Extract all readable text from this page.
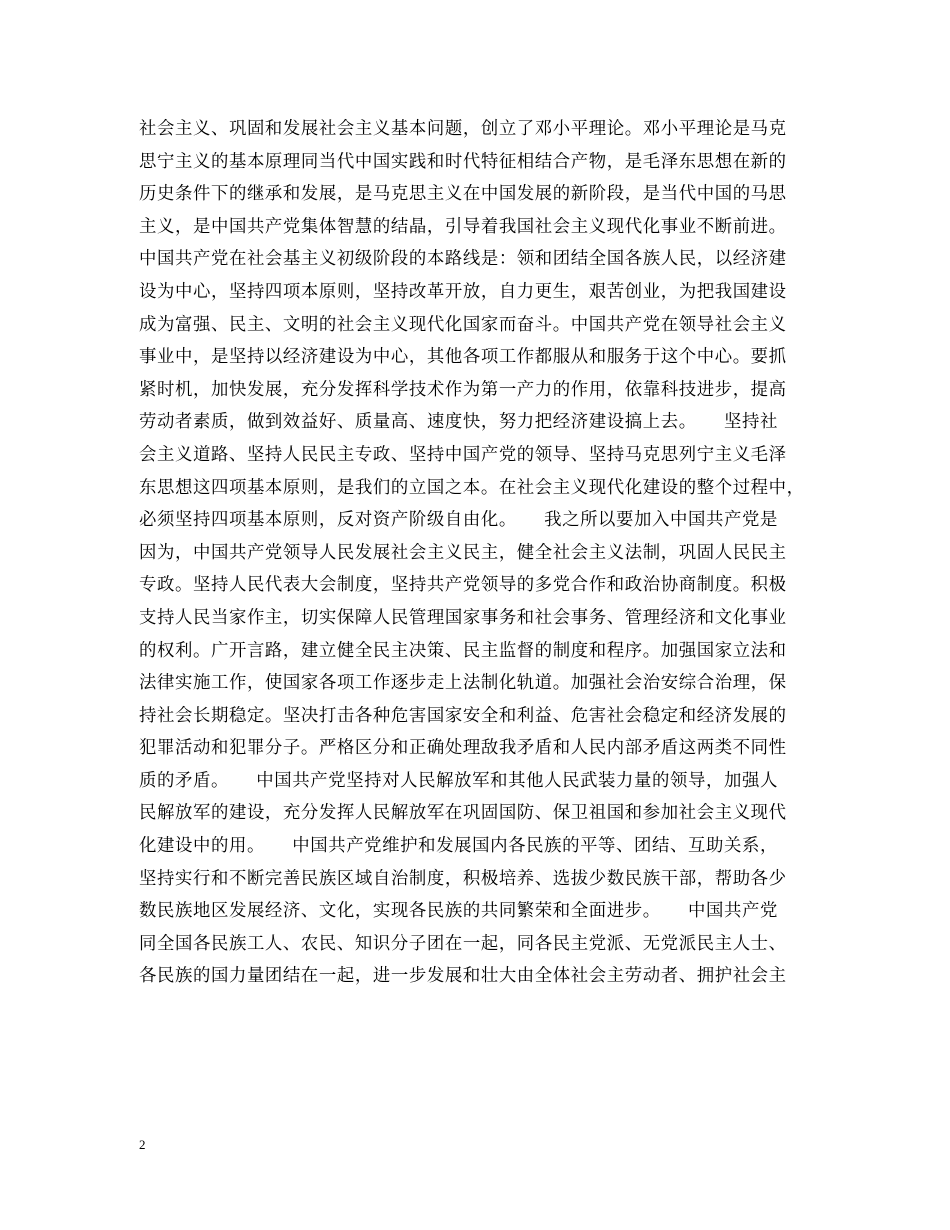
社会主义、巩固和发展社会主义基本问题，创立了邓小平理论。邓小平理论是马克
思宁主义的基本原理同当代中国实践和时代特征相结合产物，是毛泽东思想在新的
历史条件下的继承和发展，是马克思主义在中国发展的新阶段，是当代中国的马思
主义，是中国共产党集体智慧的结晶，引导着我国社会主义现代化事业不断前进。
中国共产党在社会基主义初级阶段的本路线是：领和团结全国各族人民，以经济建
设为中心，坚持四项本原则，坚持改革开放，自力更生，艰苦创业，为把我国建设
成为富强、民主、文明的社会主义现代化国家而奋斗。中国共产党在领导社会主义
事业中，是坚持以经济建设为中心，其他各项工作都服从和服务于这个中心。要抓
紧时机，加快发展，充分发挥科学技术作为第一产力的作用，依靠科技进步，提高
劳动者素质，做到效益好、质量高、速度快，努力把经济建设搞上去。　　坚持社
会主义道路、坚持人民民主专政、坚持中国产党的领导、坚持马克思列宁主义毛泽
东思想这四项基本原则，是我们的立国之本。在社会主义现代化建设的整个过程中，
必须坚持四项基本原则，反对资产阶级自由化。　　我之所以要加入中国共产党是
因为，中国共产党领导人民发展社会主义民主，健全社会主义法制，巩固人民民主
专政。坚持人民代表大会制度，坚持共产党领导的多党合作和政治协商制度。积极
支持人民当家作主，切实保障人民管理国家事务和社会事务、管理经济和文化事业
的权利。广开言路，建立健全民主决策、民主监督的制度和程序。加强国家立法和
法律实施工作，使国家各项工作逐步走上法制化轨道。加强社会治安综合治理，保
持社会长期稳定。坚决打击各种危害国家安全和利益、危害社会稳定和经济发展的
犯罪活动和犯罪分子。严格区分和正确处理敌我矛盾和人民内部矛盾这两类不同性
质的矛盾。　　中国共产党坚持对人民解放军和其他人民武装力量的领导，加强人
民解放军的建设，充分发挥人民解放军在巩固国防、保卫祖国和参加社会主义现代
化建设中的用。　　中国共产党维护和发展国内各民族的平等、团结、互助关系，
坚持实行和不断完善民族区域自治制度，积极培养、选拔少数民族干部，帮助各少
数民族地区发展经济、文化，实现各民族的共同繁荣和全面进步。　　中国共产党
同全国各民族工人、农民、知识分子团在一起，同各民主党派、无党派民主人士、
各民族的国力量团结在一起，进一步发展和壮大由全体社会主劳动者、拥护社会主
2
